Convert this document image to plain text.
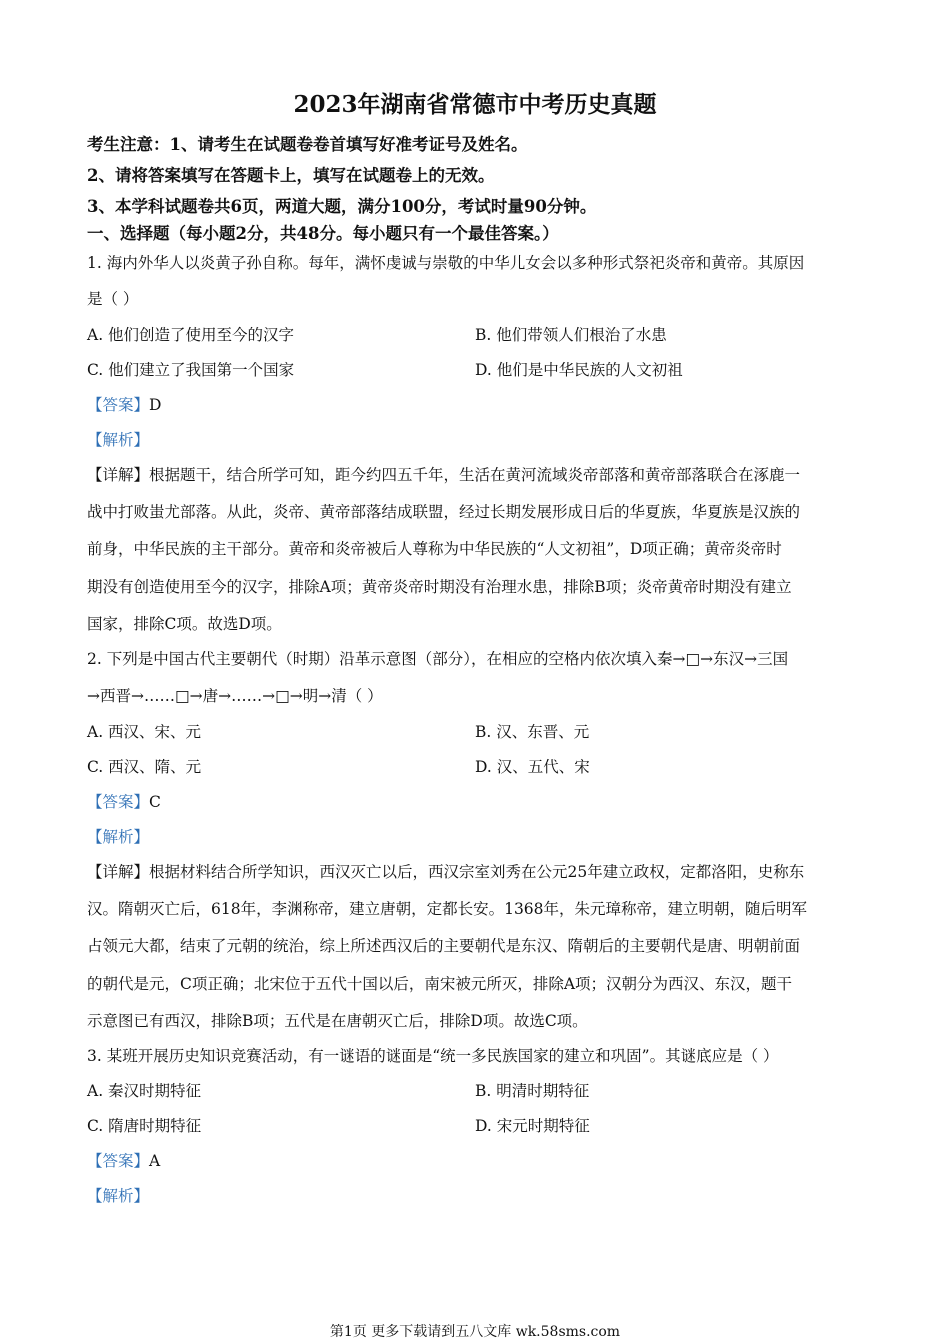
2023年湖南省常德市中考历史真题
考生注意：1、请考生在试题卷卷首填写好准考证号及姓名。
2、请将答案填写在答题卡上，填写在试题卷上的无效。
3、本学科试题卷共6页，两道大题，满分100分，考试时量90分钟。
一、选择题（每小题2分，共48分。每小题只有一个最佳答案。）
1. 海内外华人以炎黄子孙自称。每年，满怀虔诚与崇敬的中华儿女会以多种形式祭祀炎帝和黄帝。其原因
是（ ）
A. 他们创造了使用至今的汉字	B. 他们带领人们根治了水患
C. 他们建立了我国第一个国家	D. 他们是中华民族的人文初祖
【答案】D
【解析】
【详解】根据题干，结合所学可知，距今约四五千年，生活在黄河流域炎帝部落和黄帝部落联合在涿鹿一
战中打败蚩尤部落。从此，炎帝、黄帝部落结成联盟，经过长期发展形成日后的华夏族，华夏族是汉族的
前身，中华民族的主干部分。黄帝和炎帝被后人尊称为中华民族的“人文初祖”，D项正确；黄帝炎帝时
期没有创造使用至今的汉字，排除A项；黄帝炎帝时期没有治理水患，排除B项；炎帝黄帝时期没有建立
国家，排除C项。故选D项。
2. 下列是中国古代主要朝代（时期）沿革示意图（部分），在相应的空格内依次填入秦→□→东汉→三国
→西晋→……□→唐→……→□→明→清（ ）
A. 西汉、宋、元	B. 汉、东晋、元
C. 西汉、隋、元	D. 汉、五代、宋
【答案】C
【解析】
【详解】根据材料结合所学知识，西汉灭亡以后，西汉宗室刘秀在公元25年建立政权，定都洛阳，史称东
汉。隋朝灭亡后，618年，李渊称帝，建立唐朝，定都长安。1368年，朱元璋称帝，建立明朝，随后明军
占领元大都，结束了元朝的统治，综上所述西汉后的主要朝代是东汉、隋朝后的主要朝代是唐、明朝前面
的朝代是元，C项正确；北宋位于五代十国以后，南宋被元所灭，排除A项；汉朝分为西汉、东汉，题干
示意图已有西汉，排除B项；五代是在唐朝灭亡后，排除D项。故选C项。
3. 某班开展历史知识竞赛活动，有一谜语的谜面是“统一多民族国家的建立和巩固”。其谜底应是（ ）
A. 秦汉时期特征	B. 明清时期特征
C. 隋唐时期特征	D. 宋元时期特征
【答案】A
【解析】
第1页 更多下载请到五八文库 wk.58sms.com
